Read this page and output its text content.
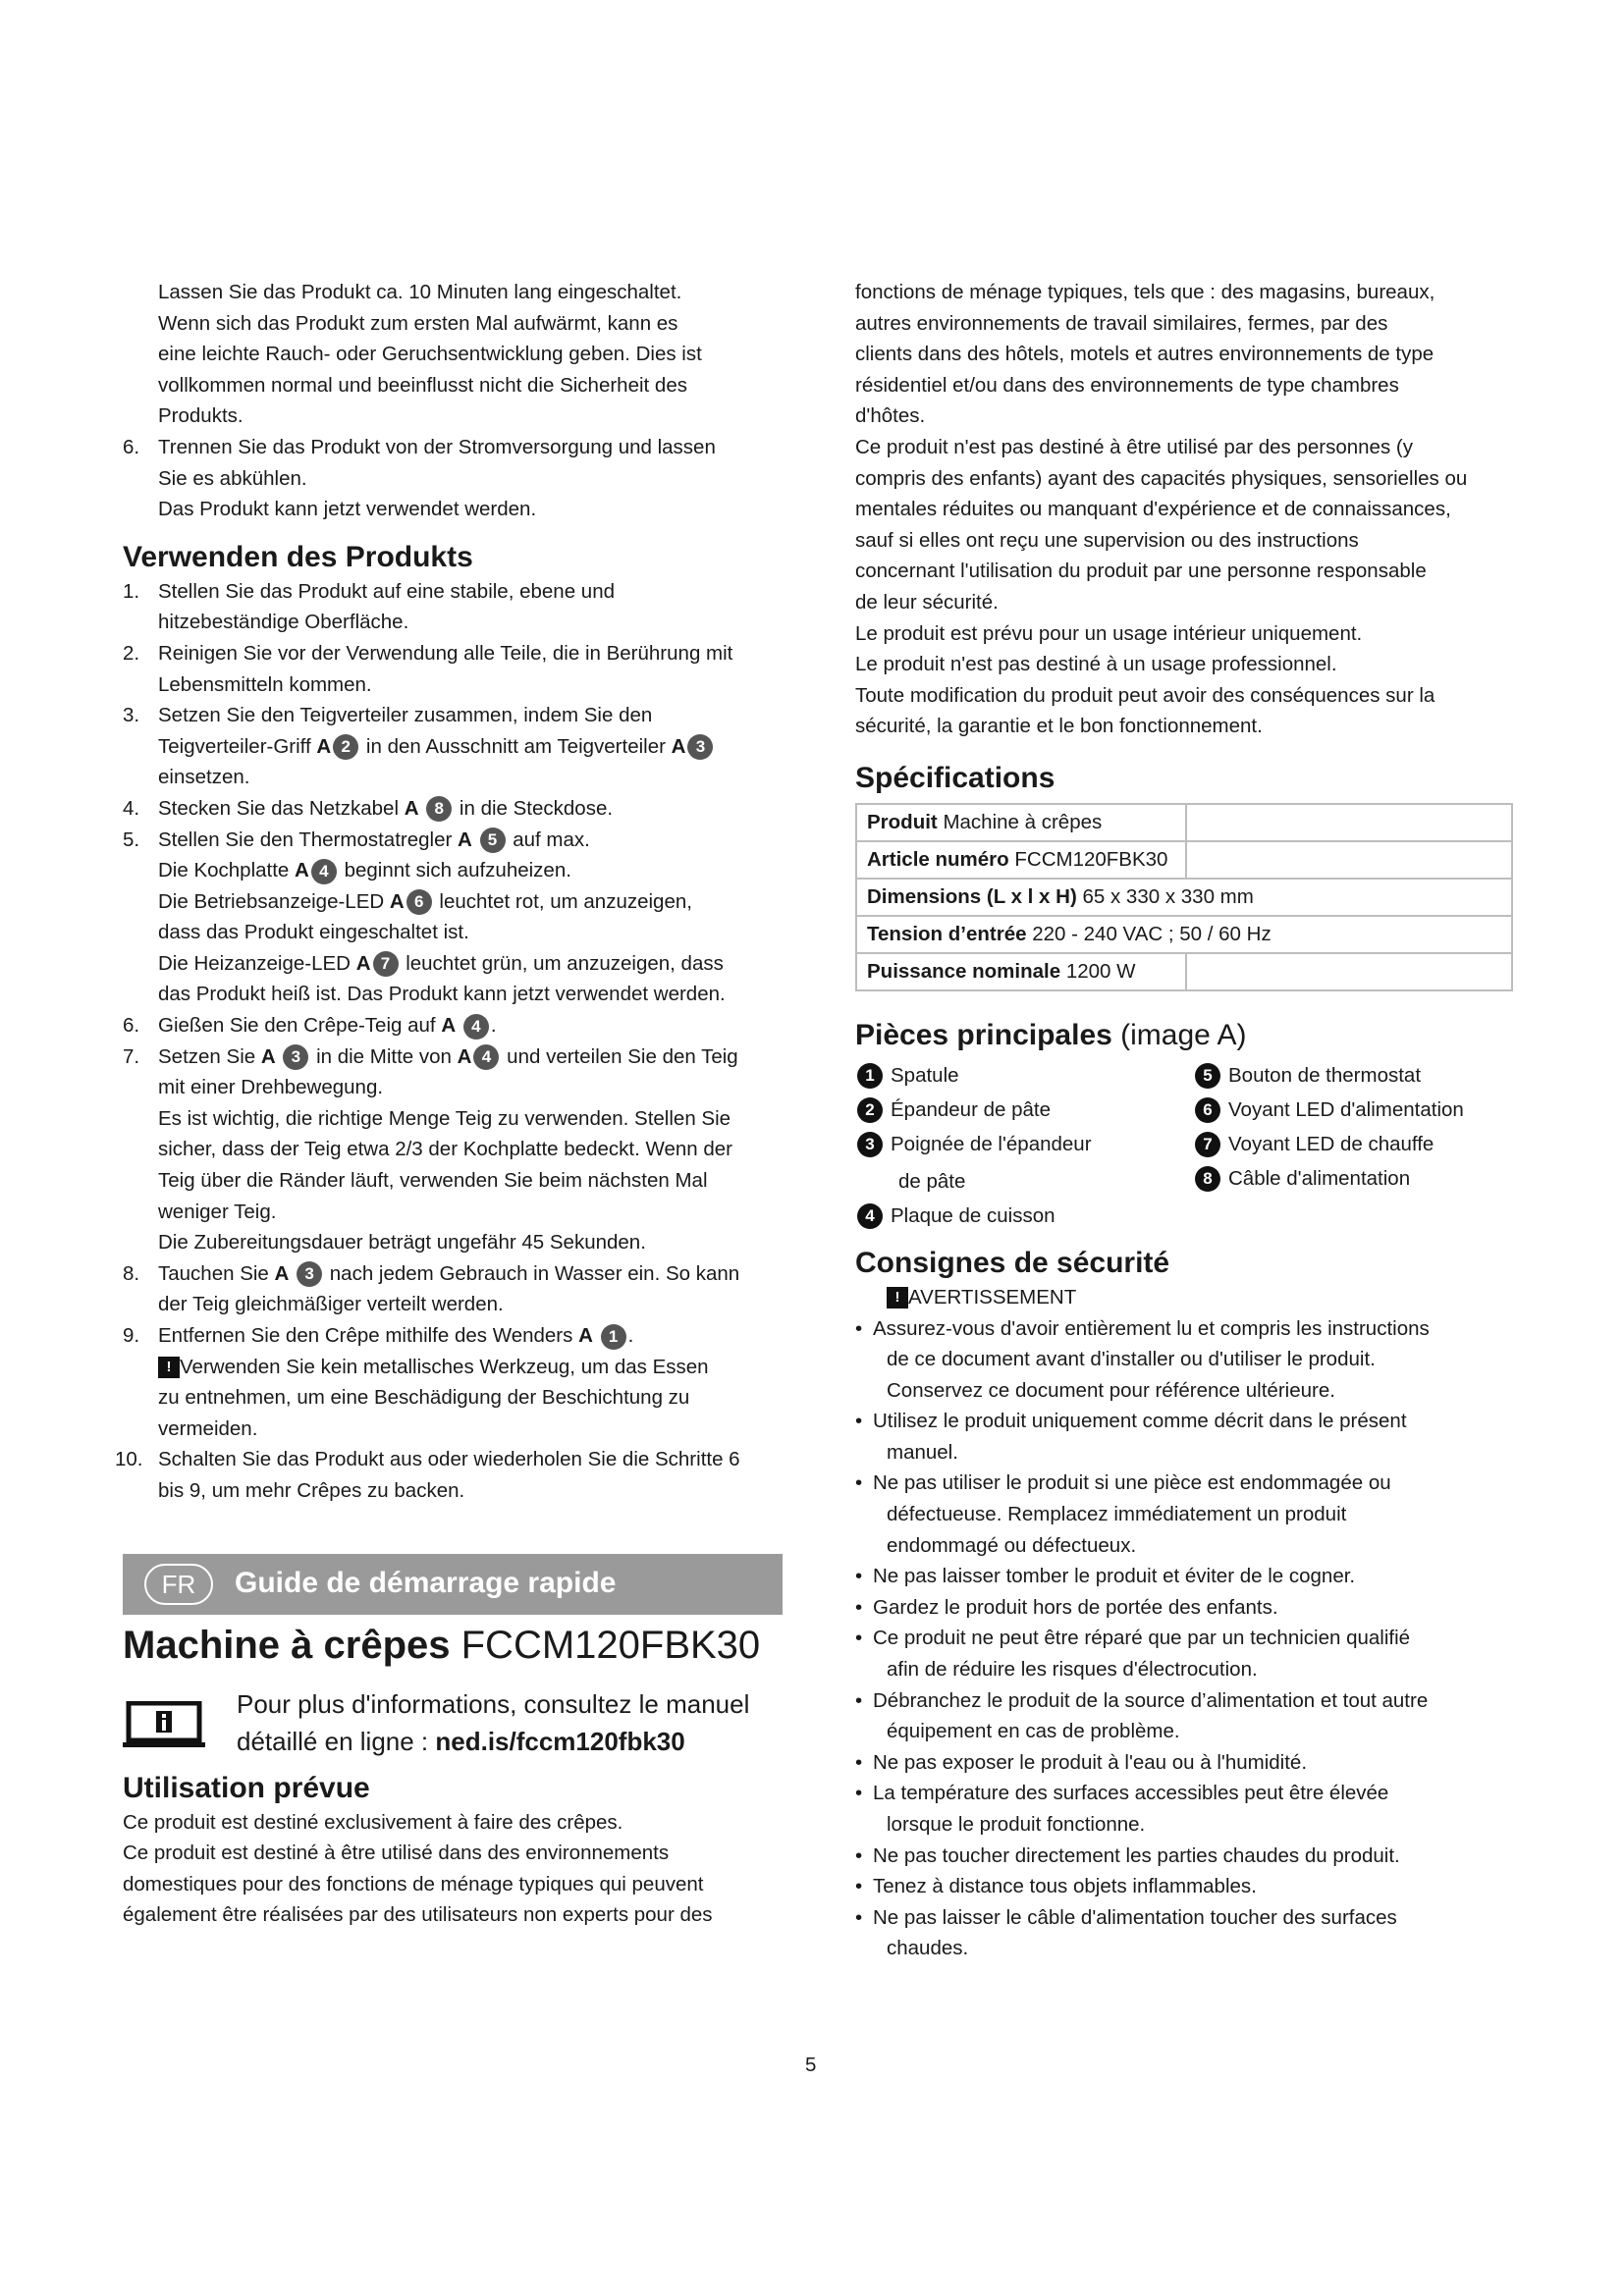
Lassen Sie das Produkt ca. 10 Minuten lang eingeschaltet.

Wenn sich das Produkt zum ersten Mal aufwärmt, kann es

eine leichte Rauch- oder Geruchsentwicklung geben. Dies ist

vollkommen normal und beeinflusst nicht die Sicherheit des

Produkts.

6. Trennen Sie das Produkt von der Stromversorgung und lassen

Sie es abkühlen.

Das Produkt kann jetzt verwendet werden.

Verwenden des Produkts
1. Stellen Sie das Produkt auf eine stabile, ebene und

hitzebeständige Oberfläche.

2. Reinigen Sie vor der Verwendung alle Teile, die in Berührung mit

Lebensmitteln kommen.

3. Setzen Sie den Teigverteiler zusammen, indem Sie den

Teigverteiler-Griff A 2 in den Ausschnitt am Teigverteiler A 3

einsetzen.

4. Stecken Sie das Netzkabel A 8 in die Steckdose.

5. Stellen Sie den Thermostatregler A 5 auf max.

Die Kochplatte A 4 beginnt sich aufzuheizen.

Die Betriebsanzeige-LED A 6 leuchtet rot, um anzuzeigen,

dass das Produkt eingeschaltet ist.

Die Heizanzeige-LED A 7 leuchtet grün, um anzuzeigen, dass

das Produkt heiß ist. Das Produkt kann jetzt verwendet werden.

6. Gießen Sie den Crêpe-Teig auf A 4 .

7. Setzen Sie A 3 in die Mitte von A 4 und verteilen Sie den Teig

mit einer Drehbewegung.

Es ist wichtig, die richtige Menge Teig zu verwenden. Stellen Sie

sicher, dass der Teig etwa 2/3 der Kochplatte bedeckt. Wenn der

Teig über die Ränder läuft, verwenden Sie beim nächsten Mal

weniger Teig.

Die Zubereitungsdauer beträgt ungefähr 45 Sekunden.

8. Tauchen Sie A 3 nach jedem Gebrauch in Wasser ein. So kann

der Teig gleichmäßiger verteilt werden.

9. Entfernen Sie den Crêpe mithilfe des Wenders A 1 .

! Verwenden Sie kein metallisches Werkzeug, um das Essen

zu entnehmen, um eine Beschädigung der Beschichtung zu

vermeiden.

10. Schalten Sie das Produkt aus oder wiederholen Sie die Schritte 6

bis 9, um mehr Crêpes zu backen.

FR	Guide de démarrage rapide
Machine à crêpes FCCM120FBK30

Pour plus d'informations, consultez le manuel

détaillé en ligne : ned.is/fccm120fbk30

Utilisation prévue

Ce produit est destiné exclusivement à faire des crêpes.

Ce produit est destiné à être utilisé dans des environnements

domestiques pour des fonctions de ménage typiques qui peuvent

également être réalisées par des utilisateurs non experts pour des

fonctions de ménage typiques, tels que : des magasins, bureaux,

autres environnements de travail similaires, fermes, par des

clients dans des hôtels, motels et autres environnements de type

résidentiel et/ou dans des environnements de type chambres

d'hôtes.

Ce produit n'est pas destiné à être utilisé par des personnes (y

compris des enfants) ayant des capacités physiques, sensorielles ou

mentales réduites ou manquant d'expérience et de connaissances,

sauf si elles ont reçu une supervision ou des instructions

concernant l'utilisation du produit par une personne responsable

de leur sécurité.

Le produit est prévu pour un usage intérieur uniquement.

Le produit n'est pas destiné à un usage professionnel.

Toute modification du produit peut avoir des conséquences sur la

sécurité, la garantie et le bon fonctionnement.

Spécifications
Produit Machine à crêpes	
Article numéro FCCM120FBK30	
Dimensions (L x l x H) 65 x 330 x 330 mm	
Tension d’entrée 220 - 240 VAC ; 50 / 60 Hz	
Puissance nominale 1200 W	
Pièces principales (image A)
1 Spatule
2 Épandeur de pâte
3 Poignée de l'épandeur
de pâte
4 Plaque de cuisson
5 Bouton de thermostat
6 Voyant LED d'alimentation
7 Voyant LED de chauffe
8 Câble d'alimentation
Consignes de sécurité

! AVERTISSEMENT

• Assurez-vous d'avoir entièrement lu et compris les instructions

de ce document avant d'installer ou d'utiliser le produit.

Conservez ce document pour référence ultérieure.

• Utilisez le produit uniquement comme décrit dans le présent

manuel.

• Ne pas utiliser le produit si une pièce est endommagée ou

défectueuse. Remplacez immédiatement un produit

endommagé ou défectueux.

• Ne pas laisser tomber le produit et éviter de le cogner.

• Gardez le produit hors de portée des enfants.

• Ce produit ne peut être réparé que par un technicien qualifié

afin de réduire les risques d'électrocution.

• Débranchez le produit de la source d’alimentation et tout autre

équipement en cas de problème.

• Ne pas exposer le produit à l'eau ou à l'humidité.

• La température des surfaces accessibles peut être élevée

lorsque le produit fonctionne.

• Ne pas toucher directement les parties chaudes du produit.

• Tenez à distance tous objets inflammables.

• Ne pas laisser le câble d'alimentation toucher des surfaces

chaudes.

5
